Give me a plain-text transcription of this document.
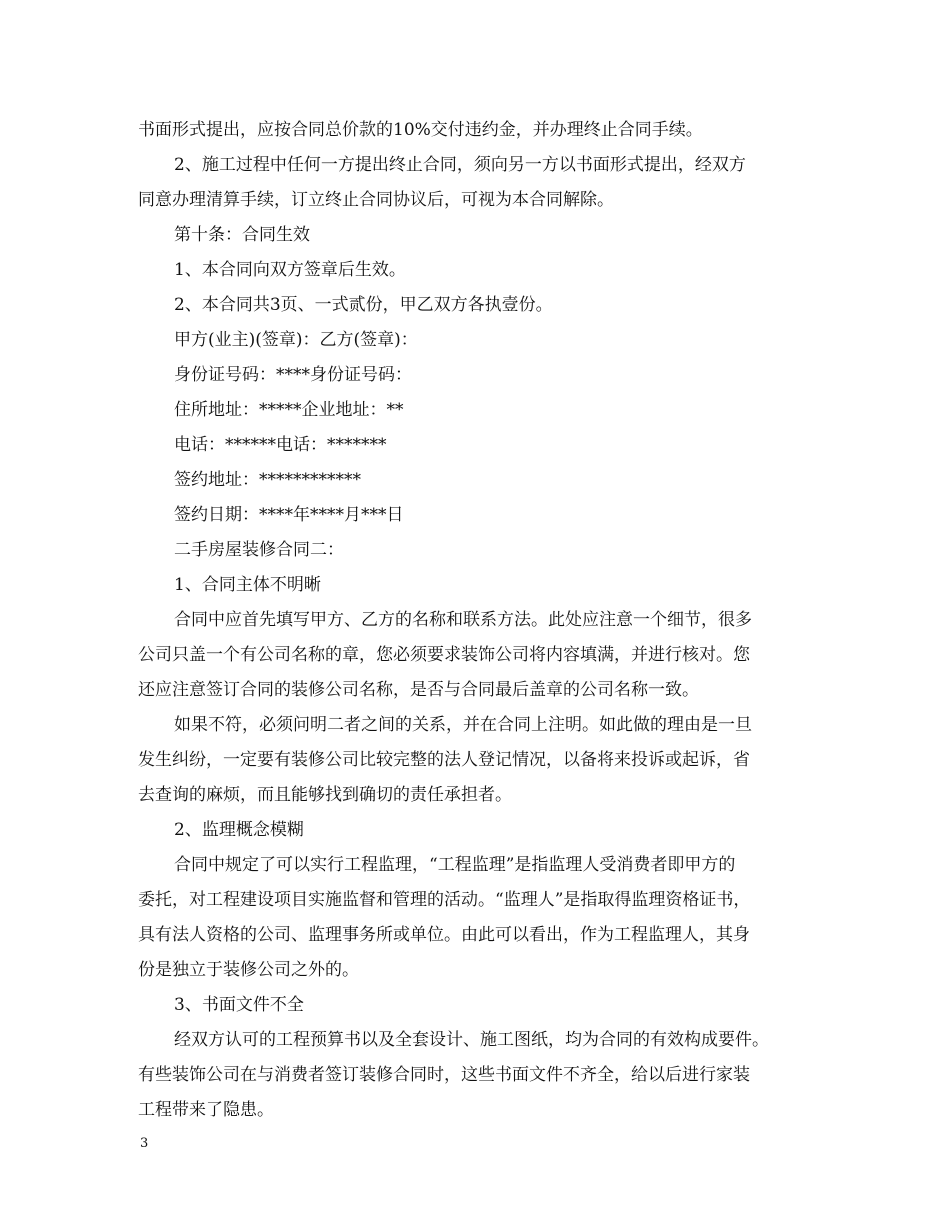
书面形式提出，应按合同总价款的10%交付违约金，并办理终止合同手续。
2、施工过程中任何一方提出终止合同，须向另一方以书面形式提出，经双方
同意办理清算手续，订立终止合同协议后，可视为本合同解除。
第十条：合同生效
1、本合同向双方签章后生效。
2、本合同共3页、一式贰份，甲乙双方各执壹份。
甲方(业主)(签章)：乙方(签章)：
身份证号码：****身份证号码：
住所地址：*****企业地址：**
电话：******电话：*******
签约地址：************
签约日期：****年****月***日
二手房屋装修合同二：
1、合同主体不明晰
合同中应首先填写甲方、乙方的名称和联系方法。此处应注意一个细节，很多
公司只盖一个有公司名称的章，您必须要求装饰公司将内容填满，并进行核对。您
还应注意签订合同的装修公司名称，是否与合同最后盖章的公司名称一致。
如果不符，必须问明二者之间的关系，并在合同上注明。如此做的理由是一旦
发生纠纷，一定要有装修公司比较完整的法人登记情况，以备将来投诉或起诉，省
去查询的麻烦，而且能够找到确切的责任承担者。
2、监理概念模糊
合同中规定了可以实行工程监理，“工程监理”是指监理人受消费者即甲方的
委托，对工程建设项目实施监督和管理的活动。“监理人”是指取得监理资格证书，
具有法人资格的公司、监理事务所或单位。由此可以看出，作为工程监理人，其身
份是独立于装修公司之外的。
3、书面文件不全
经双方认可的工程预算书以及全套设计、施工图纸，均为合同的有效构成要件。
有些装饰公司在与消费者签订装修合同时，这些书面文件不齐全，给以后进行家装
工程带来了隐患。
3
